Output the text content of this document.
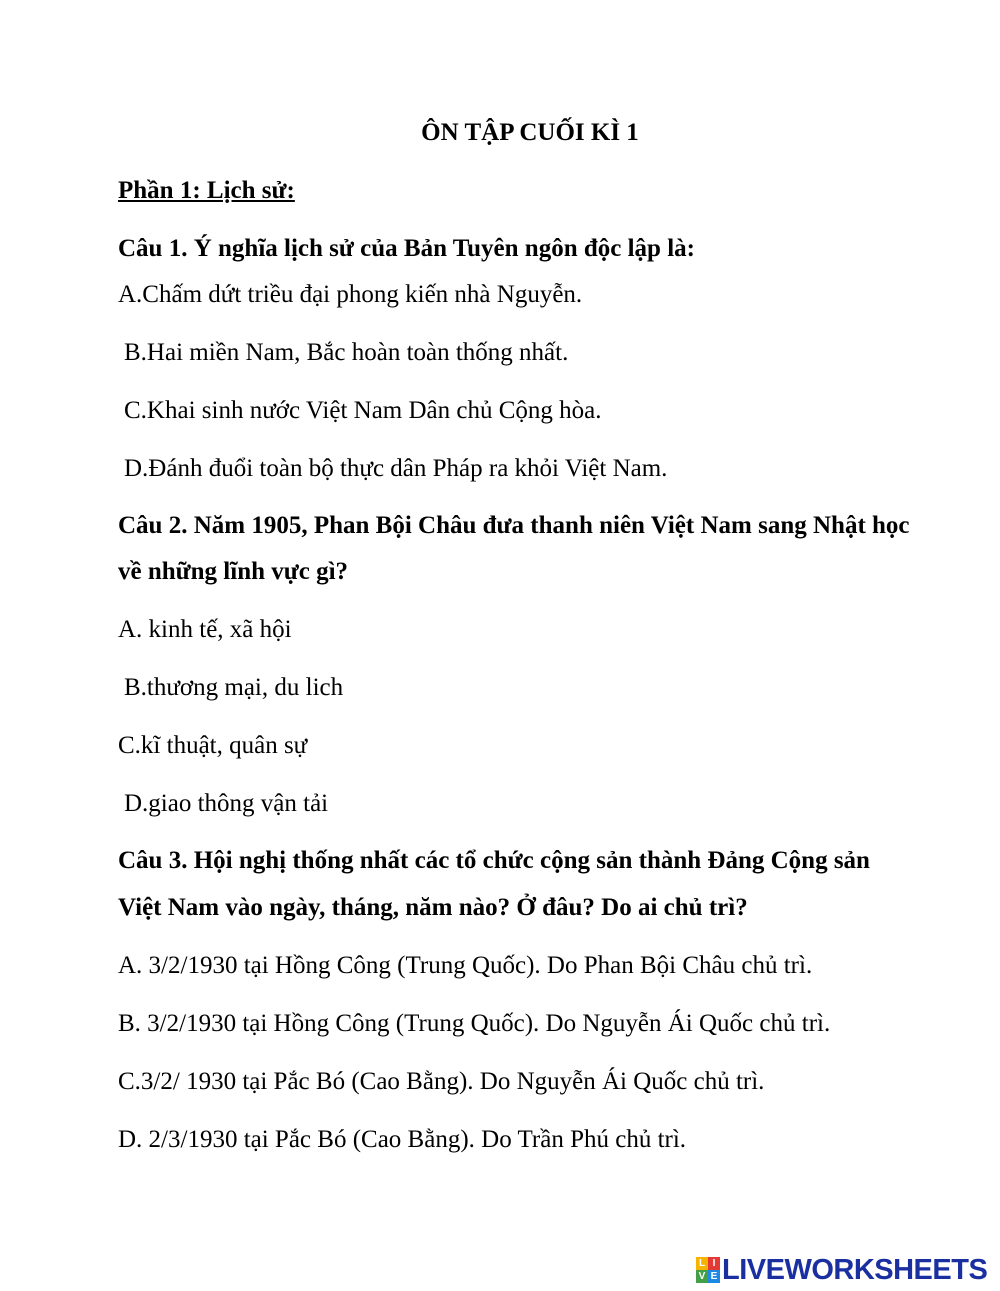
ÔN TẬP CUỐI KÌ 1
Phần 1: Lịch sử:
Câu 1. Ý nghĩa lịch sử của Bản Tuyên ngôn độc lập là:
A.Chấm dứt triều đại phong kiến nhà Nguyễn.
B.Hai miền Nam, Bắc hoàn toàn thống nhất.
C.Khai sinh nước Việt Nam Dân chủ Cộng hòa.
D.Đánh đuổi toàn bộ thực dân Pháp ra khỏi Việt Nam.
Câu 2. Năm 1905, Phan Bội Châu đưa thanh niên Việt Nam sang Nhật học
về những lĩnh vực gì?
A. kinh tế, xã hội
B.thương mại, du lich
C.kĩ thuật, quân sự
D.giao thông vận tải
Câu 3. Hội nghị thống nhất các tổ chức cộng sản thành Đảng Cộng sản
Việt Nam vào ngày, tháng, năm nào? Ở đâu? Do ai chủ trì?
A. 3/2/1930 tại Hồng Công (Trung Quốc). Do Phan Bội Châu chủ trì.
B. 3/2/1930 tại Hồng Công (Trung Quốc). Do Nguyễn Ái Quốc chủ trì.
C.3/2/ 1930 tại Pắc Bó (Cao Bằng). Do Nguyễn Ái Quốc chủ trì.
D. 2/3/1930 tại Pắc Bó (Cao Bằng). Do Trần Phú chủ trì.
L I
V E LIVEWORKSHEETS
